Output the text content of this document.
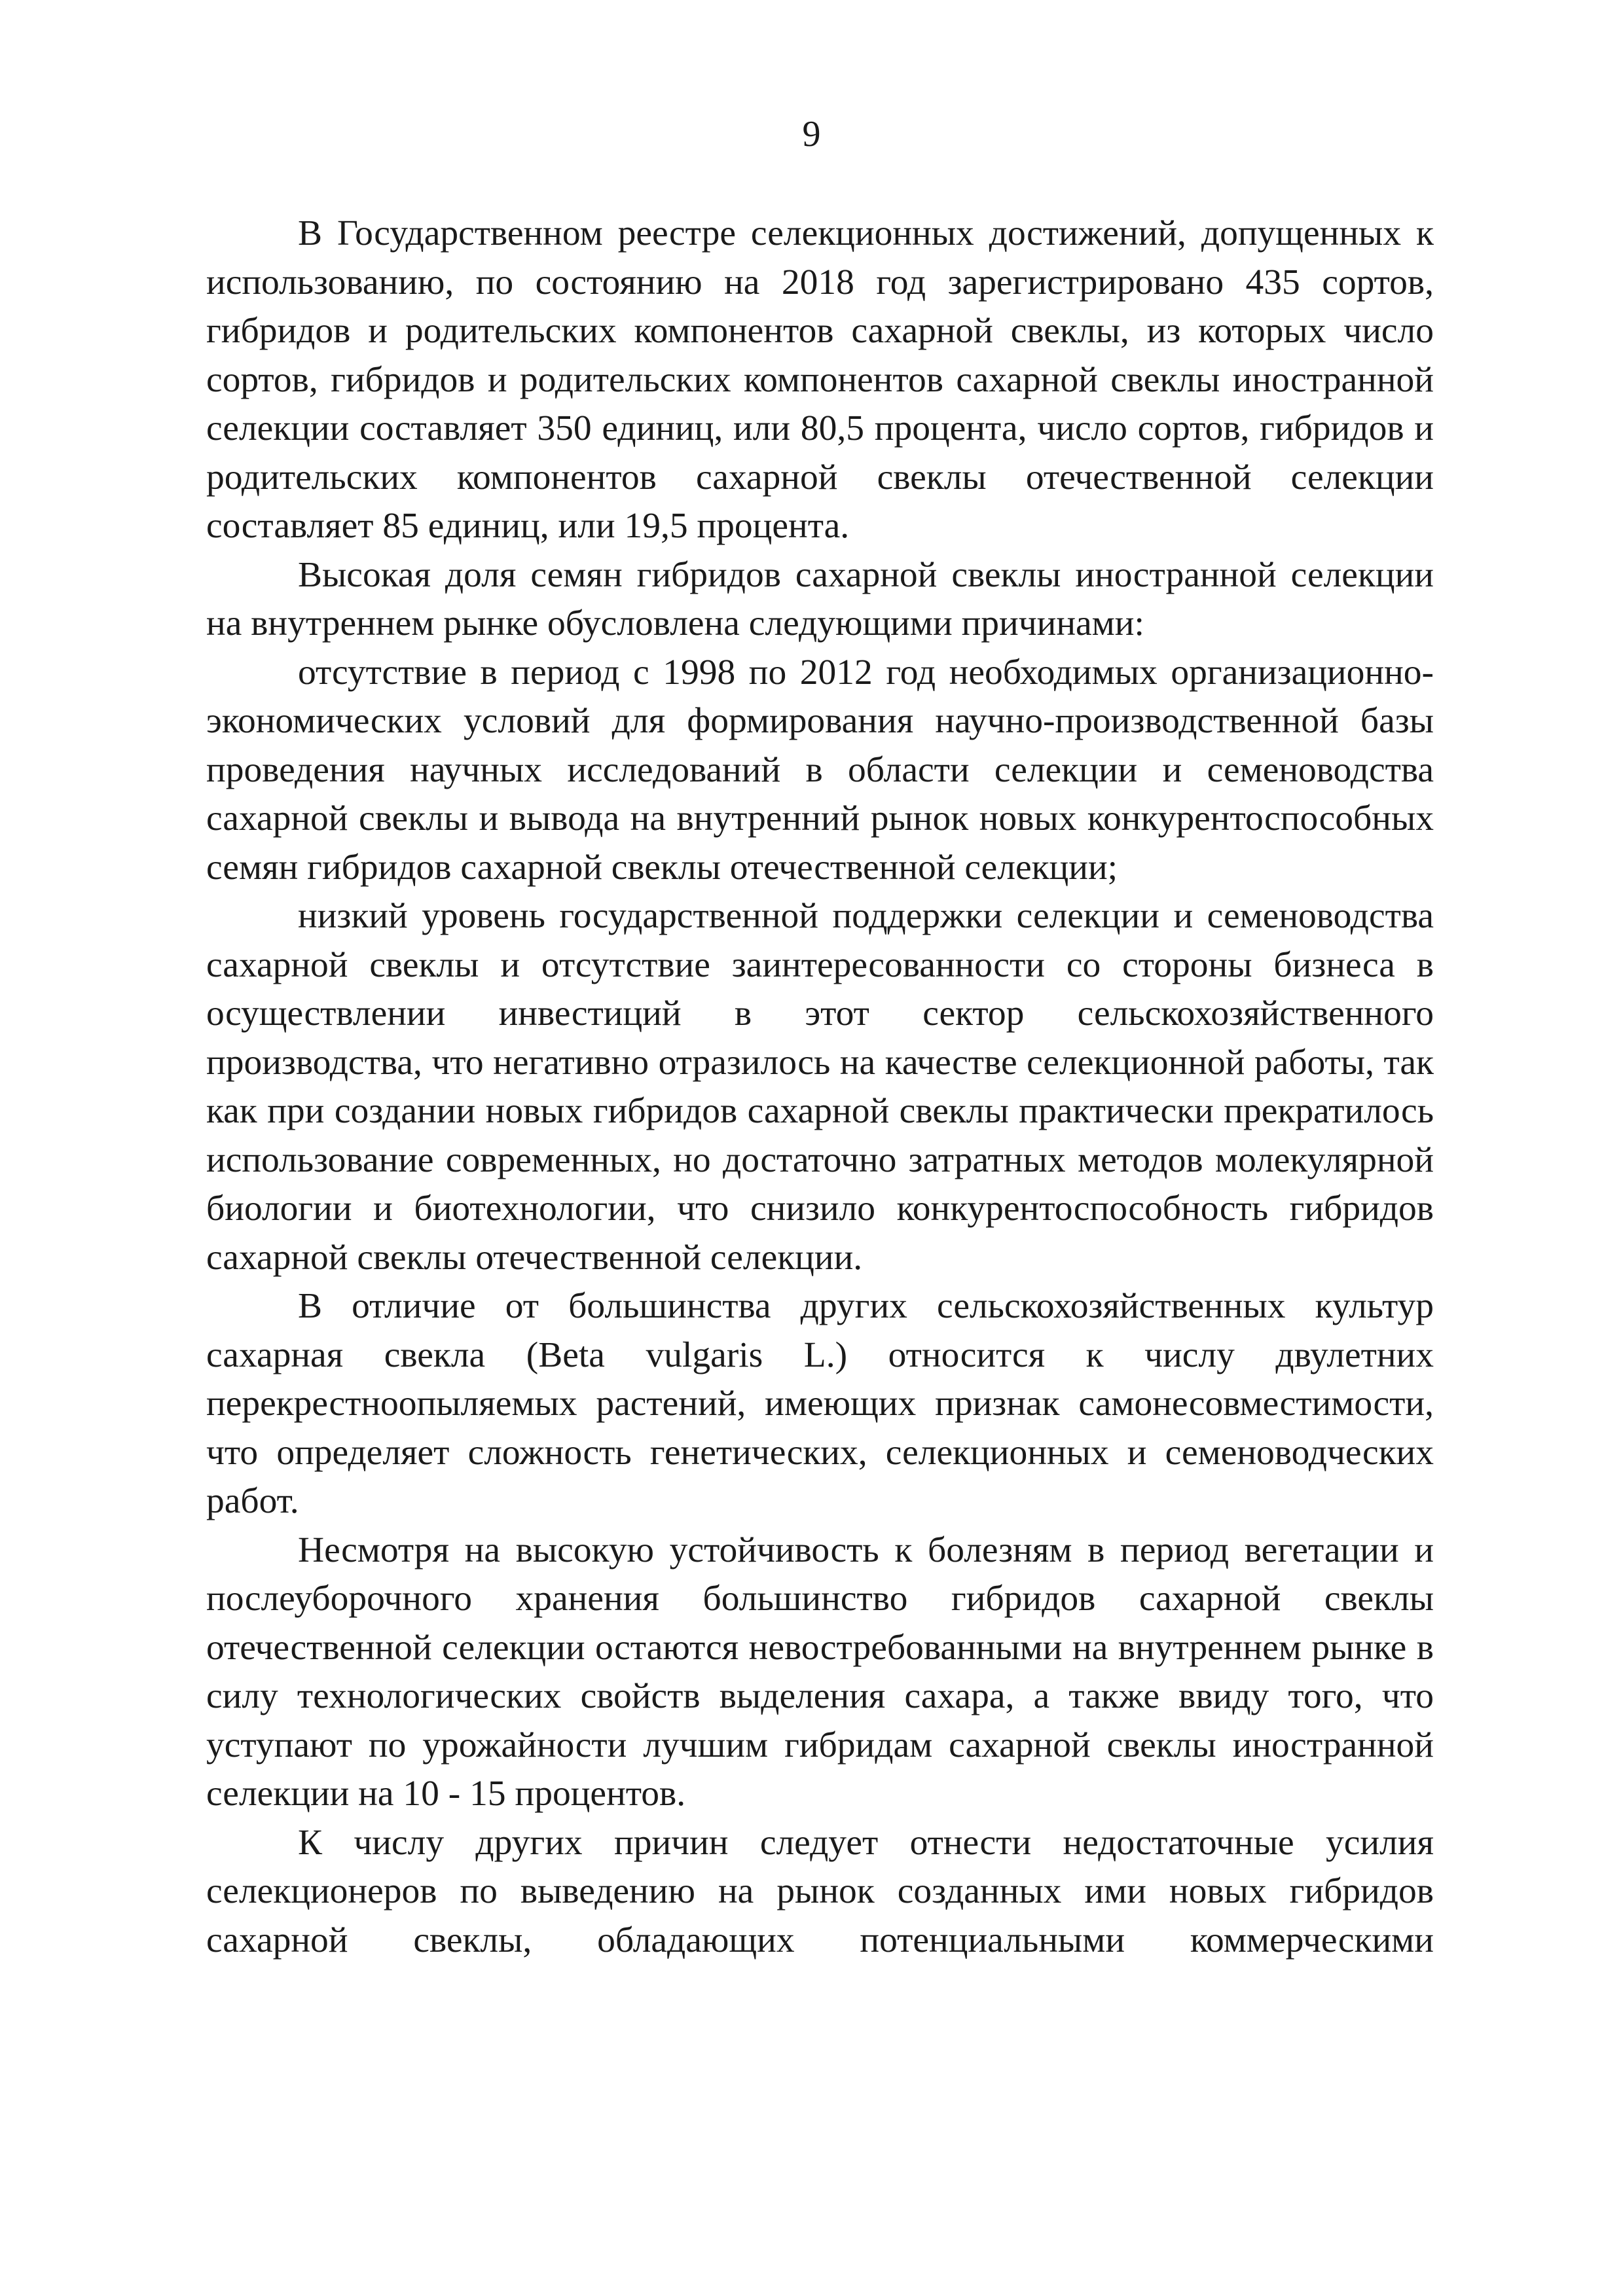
9

В Государственном реестре селекционных достижений, допущенных к использованию, по состоянию на 2018 год зарегистрировано 435 сортов, гибридов и родительских компонентов сахарной свеклы, из которых число сортов, гибридов и родительских компонентов сахарной свеклы иностранной селекции составляет 350 единиц, или 80,5 процента, число сортов, гибридов и родительских компонентов сахарной свеклы отечественной селекции составляет 85 единиц, или 19,5 процента.

Высокая доля семян гибридов сахарной свеклы иностранной селекции на внутреннем рынке обусловлена следующими причинами:

отсутствие в период с 1998 по 2012 год необходимых организационно-экономических условий для формирования научно-производственной базы проведения научных исследований в области селекции и семеноводства сахарной свеклы и вывода на внутренний рынок новых конкурентоспособных семян гибридов сахарной свеклы отечественной селекции;

низкий уровень государственной поддержки селекции и семеноводства сахарной свеклы и отсутствие заинтересованности со стороны бизнеса в осуществлении инвестиций в этот сектор сельскохозяйственного производства, что негативно отразилось на качестве селекционной работы, так как при создании новых гибридов сахарной свеклы практически прекратилось использование современных, но достаточно затратных методов молекулярной биологии и биотехнологии, что снизило конкурентоспособность гибридов сахарной свеклы отечественной селекции.

В отличие от большинства других сельскохозяйственных культур сахарная свекла (Beta vulgaris L.) относится к числу двулетних перекрестноопыляемых растений, имеющих признак самонесовместимости, что определяет сложность генетических, селекционных и семеноводческих работ.

Несмотря на высокую устойчивость к болезням в период вегетации и послеуборочного хранения большинство гибридов сахарной свеклы отечественной селекции остаются невостребованными на внутреннем рынке в силу технологических свойств выделения сахара, а также ввиду того, что уступают по урожайности лучшим гибридам сахарной свеклы иностранной селекции на 10 - 15 процентов.

К числу других причин следует отнести недостаточные усилия селекционеров по выведению на рынок созданных ими новых гибридов сахарной свеклы, обладающих потенциальными коммерческими
